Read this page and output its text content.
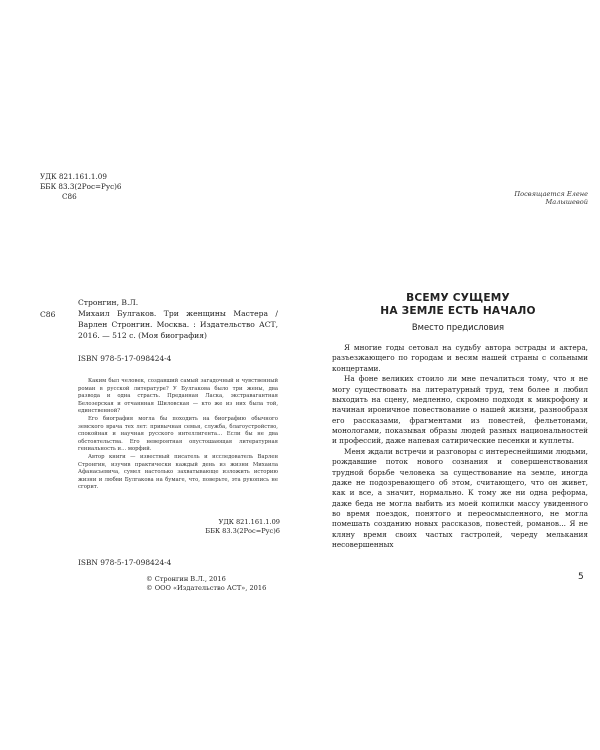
УДК 821.161.1.09
ББК 83.3(2Рос=Рус)6
С86
С86
Стронгин, В.Л.
Михаил Булгаков. Три женщины Мастера / Варлен Стронгин. Москва. : Издательство АСТ, 2016. — 512 с. (Моя биография)
ISBN 978-5-17-098424-4

Каким был человек, создавший самый загадочный и чувственный роман в русской литературе? У Булгакова было три жены, два развода и одна страсть. Преданная Ласка, экстравагантная Белозерская и отчаянная Шиловская — кто же из них была той, единственной?

Его биография могла бы походить на биографию обычного земского врача тех лет: привычная семья, служба, благоустройство, спокойная и научная русского интеллигента... Если бы не два обстоятельства. Его невероятная опустошающая литературная гениальность и... морфий.

Автор книги — известный писатель и исследователь Варлен Стронгин, изучив практически каждый день из жизни Михаила Афанасьевича, сумел настолько захватывающе изложить историю жизни и любви Булгакова на бумаге, что, поверьте, эта рукопись не сгорит.

УДК 821.161.1.09
ББК 83.3(2Рос=Рус)6
ISBN 978-5-17-098424-4
© Стронгин В.Л., 2016
© ООО «Издательство АСТ», 2016
Посвящается Елене Малышевой
ВСЕМУ СУЩЕМУ
НА ЗЕМЛЕ ЕСТЬ НАЧАЛО
Вместо предисловия

Я многие годы сетовал на судьбу автора эстрады и актера, разъезжающего по городам и весям нашей страны с сольными концертами.

На фоне великих стоило ли мне печалиться тому, что я не могу существовать на литературный труд, тем более я любил выходить на сцену, медленно, скромно подходя к микрофону и начиная ироничное повествование о нашей жизни, разнообразя его рассказами, фрагментами из повестей, фельетонами, монологами, показывая образы людей разных национальностей и профессий, даже напевая сатирические песенки и куплеты.

Меня ждали встречи и разговоры с интереснейшими людьми, рождавшие поток нового сознания и совершенствования трудной борьбе человека за существование на земле, иногда даже не подозревающего об этом, считающего, что он живет, как и все, а значит, нормально. К тому же ни одна реформа, даже беда не могла выбить из моей копилки массу увиденного во время поездок, понятого и переосмысленного, не могла помешать созданию новых рассказов, повестей, романов... Я не кляну время своих частых гастролей, череду мелькания несовершенных

5
